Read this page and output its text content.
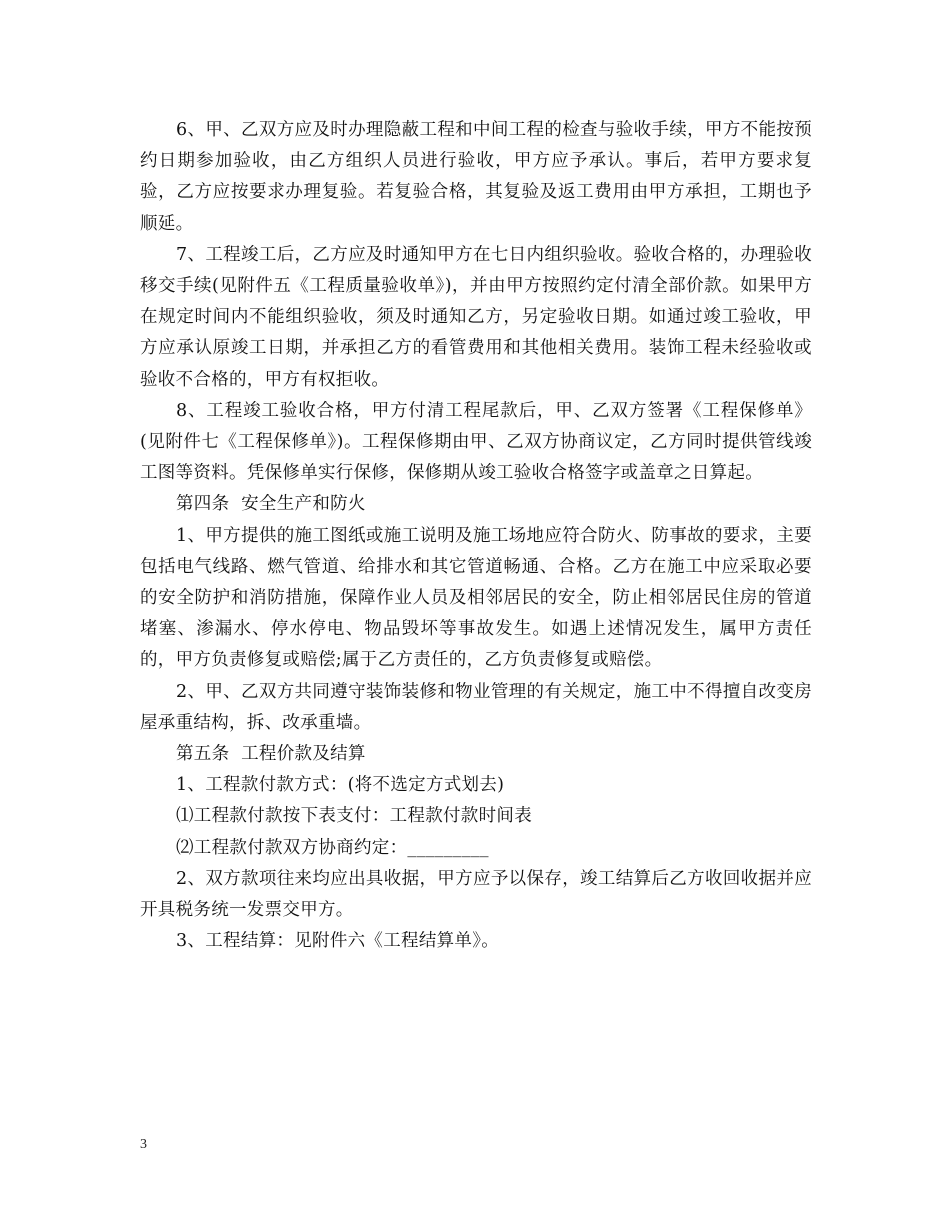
6、甲、乙双方应及时办理隐蔽工程和中间工程的检查与验收手续，甲方不能按预约日期参加验收，由乙方组织人员进行验收，甲方应予承认。事后，若甲方要求复验，乙方应按要求办理复验。若复验合格，其复验及返工费用由甲方承担，工期也予顺延。

7、工程竣工后，乙方应及时通知甲方在七日内组织验收。验收合格的，办理验收移交手续(见附件五《工程质量验收单》)，并由甲方按照约定付清全部价款。如果甲方在规定时间内不能组织验收，须及时通知乙方，另定验收日期。如通过竣工验收，甲方应承认原竣工日期，并承担乙方的看管费用和其他相关费用。装饰工程未经验收或验收不合格的，甲方有权拒收。

8、工程竣工验收合格，甲方付清工程尾款后，甲、乙双方签署《工程保修单》(见附件七《工程保修单》)。工程保修期由甲、乙双方协商议定，乙方同时提供管线竣工图等资料。凭保修单实行保修，保修期从竣工验收合格签字或盖章之日算起。

第四条  安全生产和防火

1、甲方提供的施工图纸或施工说明及施工场地应符合防火、防事故的要求，主要包括电气线路、燃气管道、给排水和其它管道畅通、合格。乙方在施工中应采取必要的安全防护和消防措施，保障作业人员及相邻居民的安全，防止相邻居民住房的管道堵塞、渗漏水、停水停电、物品毁坏等事故发生。如遇上述情况发生，属甲方责任的，甲方负责修复或赔偿;属于乙方责任的，乙方负责修复或赔偿。

2、甲、乙双方共同遵守装饰装修和物业管理的有关规定，施工中不得擅自改变房屋承重结构，拆、改承重墙。

第五条  工程价款及结算

1、工程款付款方式：(将不选定方式划去)

⑴工程款付款按下表支付：工程款付款时间表

⑵工程款付款双方协商约定：_________

2、双方款项往来均应出具收据，甲方应予以保存，竣工结算后乙方收回收据并应开具税务统一发票交甲方。

3、工程结算：见附件六《工程结算单》。

3
